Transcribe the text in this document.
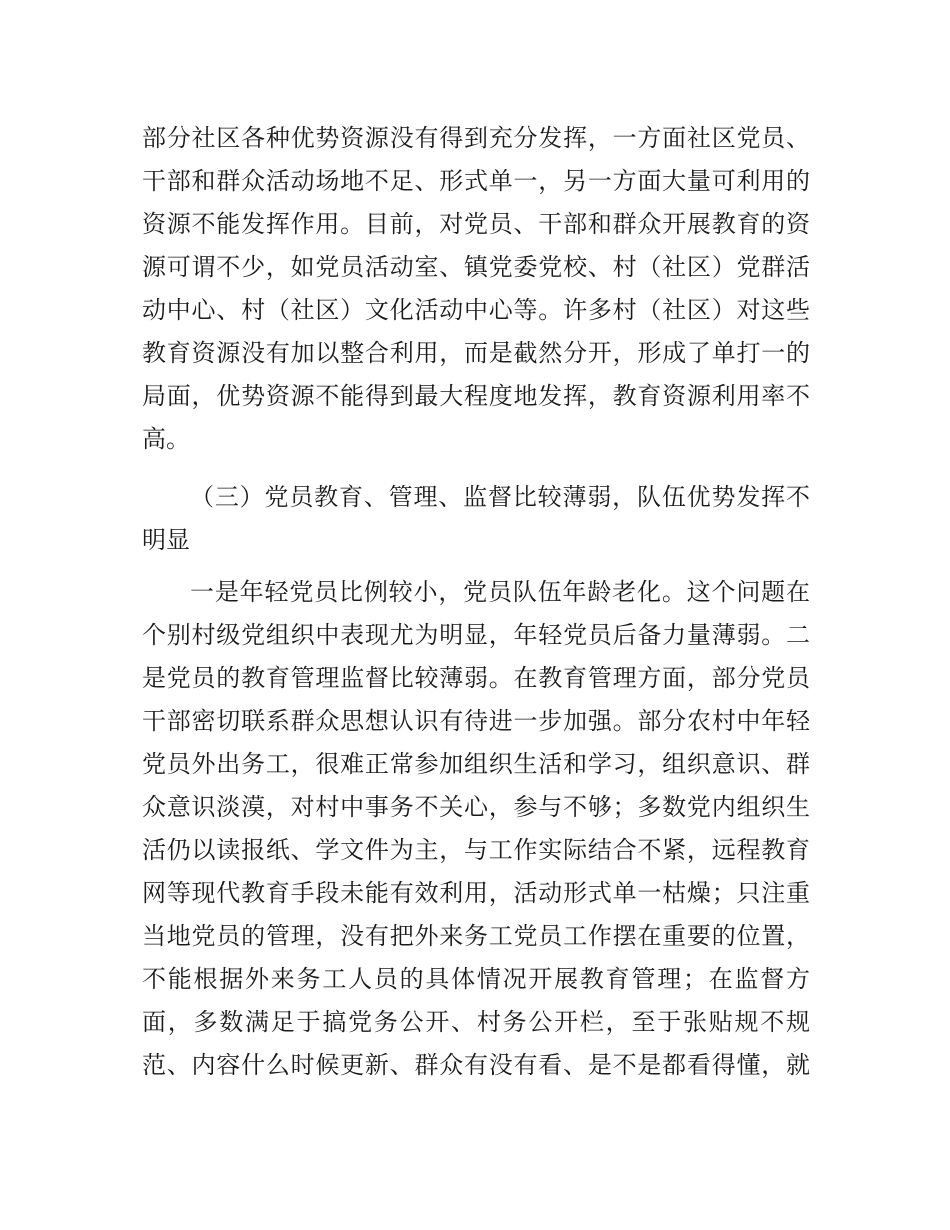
部分社区各种优势资源没有得到充分发挥，一方面社区党员、
干部和群众活动场地不足、形式单一，另一方面大量可利用的
资源不能发挥作用。目前，对党员、干部和群众开展教育的资
源可谓不少，如党员活动室、镇党委党校、村（社区）党群活
动中心、村（社区）文化活动中心等。许多村（社区）对这些
教育资源没有加以整合利用，而是截然分开，形成了单打一的
局面，优势资源不能得到最大程度地发挥，教育资源利用率不
高。
（三）党员教育、管理、监督比较薄弱，队伍优势发挥不
明显
一是年轻党员比例较小，党员队伍年龄老化。这个问题在
个别村级党组织中表现尤为明显，年轻党员后备力量薄弱。二
是党员的教育管理监督比较薄弱。在教育管理方面，部分党员
干部密切联系群众思想认识有待进一步加强。部分农村中年轻
党员外出务工，很难正常参加组织生活和学习，组织意识、群
众意识淡漠，对村中事务不关心，参与不够；多数党内组织生
活仍以读报纸、学文件为主，与工作实际结合不紧，远程教育
网等现代教育手段未能有效利用，活动形式单一枯燥；只注重
当地党员的管理，没有把外来务工党员工作摆在重要的位置，
不能根据外来务工人员的具体情况开展教育管理；在监督方
面，多数满足于搞党务公开、村务公开栏，至于张贴规不规
范、内容什么时候更新、群众有没有看、是不是都看得懂，就
